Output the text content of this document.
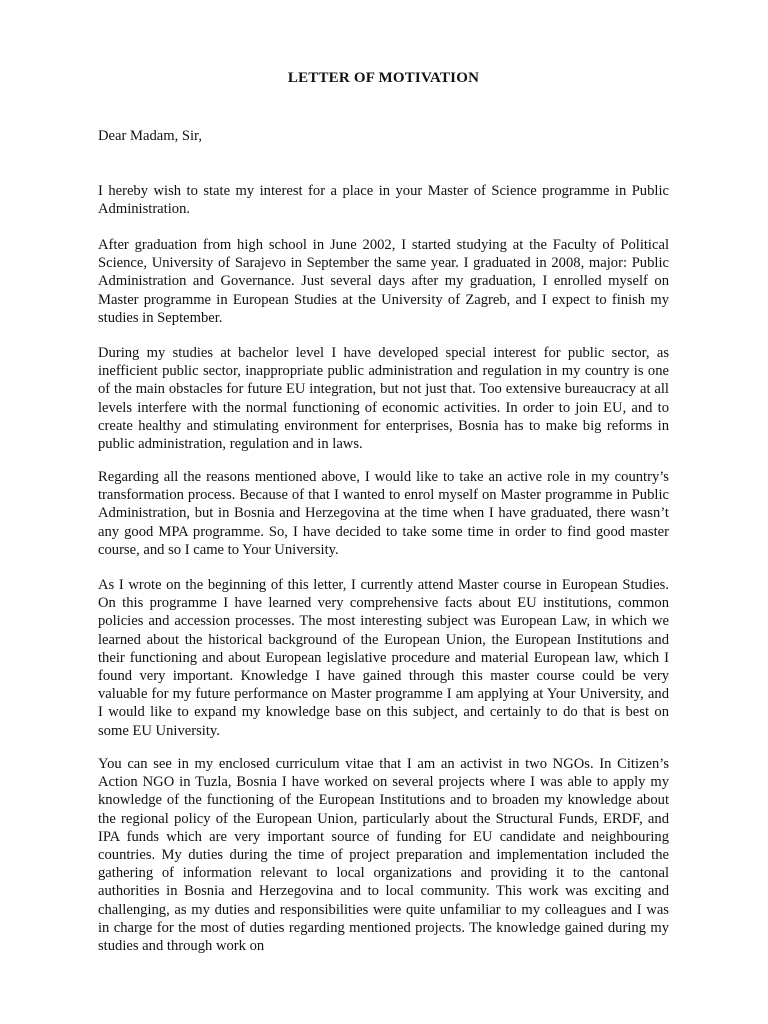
LETTER OF MOTIVATION

Dear Madam, Sir,

I hereby wish to state my interest for a place in your Master of Science programme in Public Administration.

After graduation from high school in June 2002, I started studying at the Faculty of Political Science, University of Sarajevo in September the same year. I graduated in 2008, major: Public Administration and Governance. Just several days after my graduation, I enrolled myself on Master programme in European Studies at the University of Zagreb, and I expect to finish my studies in September.

During my studies at bachelor level I have developed special interest for public sector, as inefficient public sector, inappropriate public administration and regulation in my country is one of the main obstacles for future EU integration, but not just that. Too extensive bureaucracy at all levels interfere with the normal functioning of economic activities. In order to join EU, and to create healthy and stimulating environment for enterprises, Bosnia has to make big reforms in public administration, regulation and in laws.

Regarding all the reasons mentioned above, I would like to take an active role in my country’s transformation process. Because of that I wanted to enrol myself on Master programme in Public Administration, but in Bosnia and Herzegovina at the time when I have graduated, there wasn’t any good MPA programme. So, I have decided to take some time in order to find good master course, and so I came to Your University.

As I wrote on the beginning of this letter, I currently attend Master course in European Studies. On this programme I have learned very comprehensive facts about EU institutions, common policies and accession processes. The most interesting subject was European Law, in which we learned about the historical background of the European Union, the European Institutions and their functioning and about European legislative procedure and material European law, which I found very important. Knowledge I have gained through this master course could be very valuable for my future performance on Master programme I am applying at Your University, and I would like to expand my knowledge base on this subject, and certainly to do that is best on some EU University.

You can see in my enclosed curriculum vitae that I am an activist in two NGOs. In Citizen’s Action NGO in Tuzla, Bosnia I have worked on several projects where I was able to apply my knowledge of the functioning of the European Institutions and to broaden my knowledge about the regional policy of the European Union, particularly about the Structural Funds, ERDF, and IPA funds which are very important source of funding for EU candidate and neighbouring countries. My duties during the time of project preparation and implementation included the gathering of information relevant to local organizations and providing it to the cantonal authorities in Bosnia and Herzegovina and to local community. This work was exciting and challenging, as my duties and responsibilities were quite unfamiliar to my colleagues and I was in charge for the most of duties regarding mentioned projects. The knowledge gained during my studies and through work on
